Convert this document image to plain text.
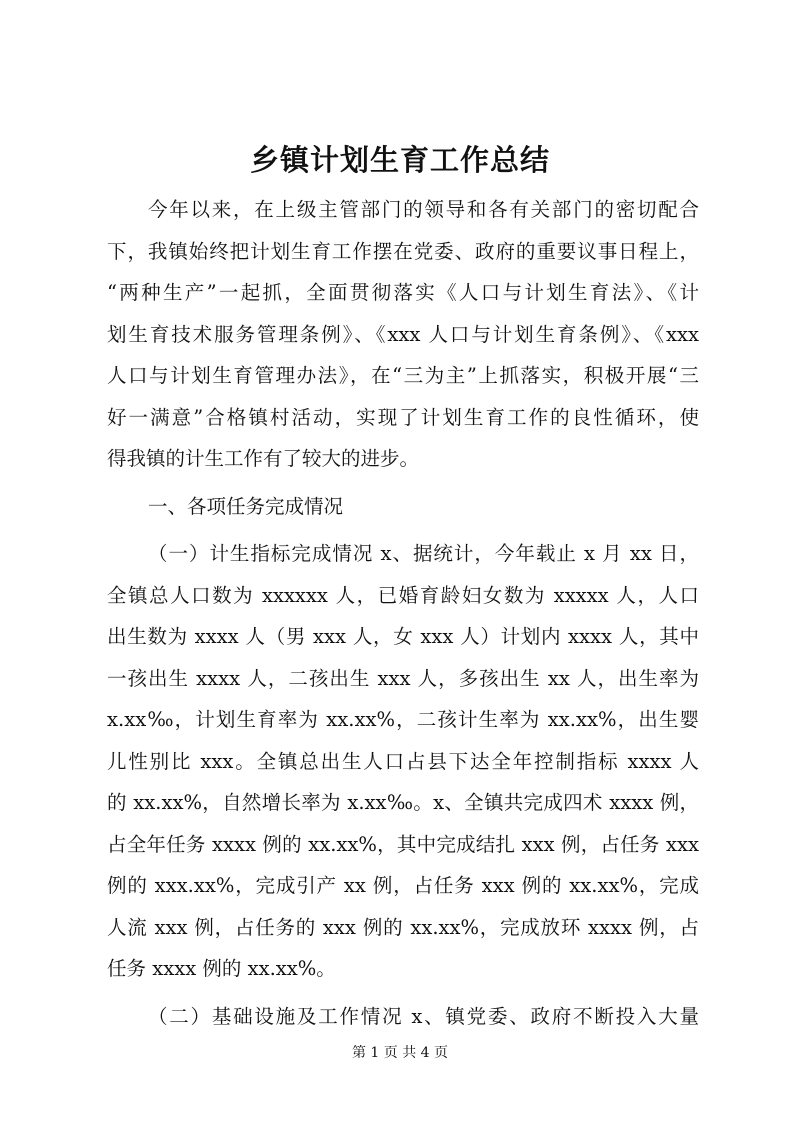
乡镇计划生育工作总结
今年以来，在上级主管部门的领导和各有关部门的密切配合
下，我镇始终把计划生育工作摆在党委、政府的重要议事日程上，
“两种生产”一起抓，全面贯彻落实《人口与计划生育法》、《计
划生育技术服务管理条例》、《xxx 人口与计划生育条例》、《xxx
人口与计划生育管理办法》，在“三为主”上抓落实，积极开展“三
好一满意”合格镇村活动，实现了计划生育工作的良性循环，使
得我镇的计生工作有了较大的进步。
一、各项任务完成情况
（一）计生指标完成情况 x、据统计，今年载止 x 月 xx 日，
全镇总人口数为 xxxxxx 人，已婚育龄妇女数为 xxxxx 人，人口
出生数为 xxxx 人（男 xxx 人，女 xxx 人）计划内 xxxx 人，其中
一孩出生 xxxx 人，二孩出生 xxx 人，多孩出生 xx 人，出生率为
x.xx‰，计划生育率为 xx.xx%，二孩计生率为 xx.xx%，出生婴
儿性别比 xxx。全镇总出生人口占县下达全年控制指标 xxxx 人
的 xx.xx%，自然增长率为 x.xx‰。x、全镇共完成四术 xxxx 例，
占全年任务 xxxx 例的 xx.xx%，其中完成结扎 xxx 例，占任务 xxx
例的 xxx.xx%，完成引产 xx 例，占任务 xxx 例的 xx.xx%，完成
人流 xxx 例，占任务的 xxx 例的 xx.xx%，完成放环 xxxx 例，占
任务 xxxx 例的 xx.xx%。
（二）基础设施及工作情况 x、镇党委、政府不断投入大量
第 1 页 共 4 页
